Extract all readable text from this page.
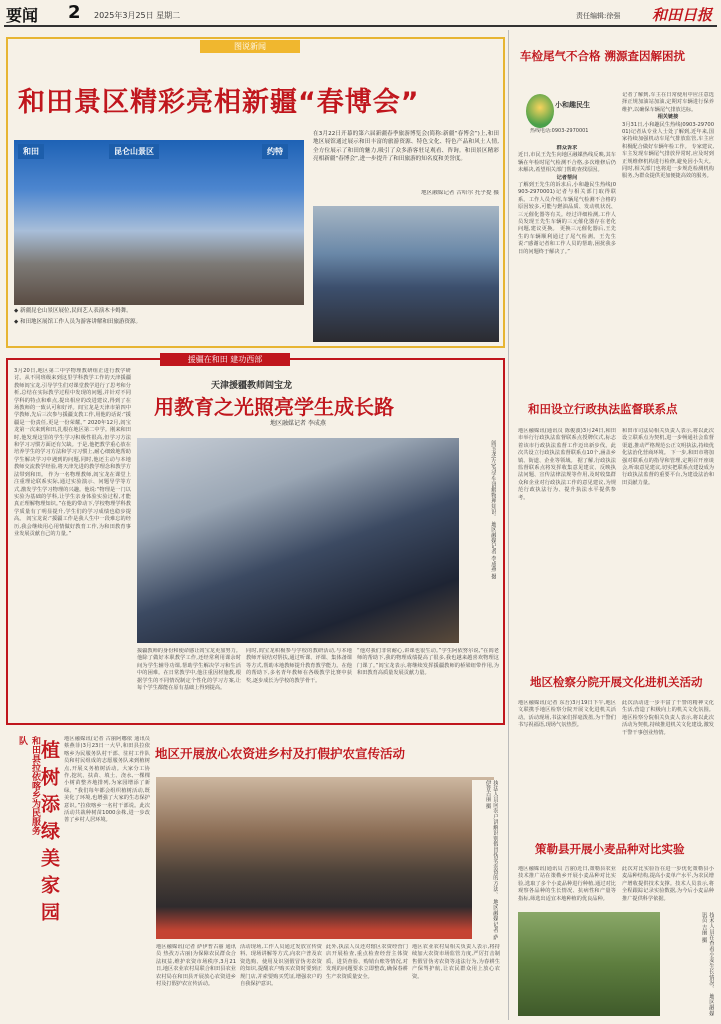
要闻 2 2025年3月25日 星期二	责任编辑:徐强 和田日报
图说新闻
和田景区精彩亮相新疆“春博会”
昆仑山景区	约特
和田
在3月22日开幕的第六届新疆春季旅游博览会(简称:新疆“春博会”)上,和田地区展馆通过展示和田丰富的旅游资源、特色文化、特色产品和风土人情,全方位展示了和田的魅力,吸引了众多游客驻足观看、咨询。和田景区精彩亮相新疆“春博会”,进一步提升了和田旅游的知名度和美誉度。
地区融媒记者 古哈尔 托乎提 摄
◆ 新疆昆仑山景区展位,民间艺人表演木卡姆舞。
◆ 和田地区展馆工作人员为游客讲解和田旅游资源。
援疆在和田 建功西部
天津援疆教师闾宝龙
用教育之光照亮学生成长路
地区融媒记者 李成燕
3月20日,地区第二中学物理教研组正进行教学研讨。从不同班级来到这里学科教学工作的天津援疆教师闾宝龙,引导学生们对课堂教学进行了思考和分析,总结在实际教学过程中发现的问题,并针对不同学科的特点和难点,提出相应的改进建议,得到了在场教师的一致认可和好评。闾宝龙是天津市第四中学教师,先后三次参与援疆支教工作,用他的话说:“援疆是一份责任,更是一份荣耀。” 2020年12月,闾宝龙第一次来到和田,扎根在地区第二中学。刚来和田时,他发现这里的学生学习积极性很高,但学习方法和学习习惯方面还有欠缺。于是,他把教学重心放在培养学生的学习方法和学习习惯上,耐心细致地帮助学生解决学习中遇到的问题,同时,他还主动与本地教师交流教学经验,将天津先进的教学理念和教学方法带到和田。 作为一名物理教师,闾宝龙在课堂上注重理论联系实际,通过实验演示、问题导学等方式,激发学生学习物理的兴趣。他说:“物理是一门以实验为基础的学科,让学生亲身体验实验过程,才能真正理解物理知识。”在他的带动下,学校物理学科教学质量有了明显提升,学生们的学习成绩也稳步提高。 闾宝龙说:“援疆工作是我人生中一段难忘的经历,我会继续用心用情做好教育工作,为和田教育事业发展贡献自己的力量。”	闾宝龙(左)为学生讲解物理知识。 地区融媒记者 李成燕 摄
援疆教师的身份和使命感让闾宝龙更加努力。他除了做好本职教学工作,还经常利用课余时间为学生辅导功课,帮助学生解决学习和生活中的困难。在日常教学中,他注重因材施教,根据学生的不同情况制定个性化的学习方案,让每个学生都能在原有基础上得到提高。
同时,闾宝龙积极参与学校的教研活动,与本地教师开展结对帮扶,通过听课、评课、集体备课等方式,帮助本地教师提升教育教学能力。在他的帮助下,多名青年教师在各级教学比赛中获奖,逐步成长为学校的教学骨干。
“他对我们非常耐心,讲课也很生动。”学生阿依努尔说,“在闾老师的帮助下,我的物理成绩提高了很多,我也越来越喜欢物理这门课了。”闾宝龙表示,将继续发挥援疆教师的桥梁纽带作用,为和田教育高质量发展贡献力量。
和田县拉依喀乡为民服务队 植树添绿美家园
地区融媒讯(记者 古丽阿娜依 通讯员 蔡燕菲)3月23日一大早,和田县拉依喀乡为民服务队村干部、驻村工作队员和村民组成的志愿服务队来到植树点,开展义务植树活动。大家分工协作,挖坑、扶苗、填土、浇水,一棵棵小树苗整齐地排列,为家园增添了新绿。“我们每年都会组织植树活动,既美化了环境,也增强了大家的生态保护意识。”拉依喀乡一名村干部说。此次活动共栽种树苗1000余株,进一步改善了乡村人居环境。
地区开展放心农资进乡村及打假护农宣传活动
执法人员向农户讲解识别假冒伪劣农资的方法。 地区融媒记者 萨伊普古丽 摄
地区融媒讯(记者 萨伊普古丽 通讯员 热孜万古丽)为保障农民群众合法权益,维护农资市场秩序,3月21日,地区农业农村局联合和田县农业农村局在和田县开展放心农资进乡村及打假护农宣传活动。
活动现场,工作人员通过发放宣传资料、现场讲解等方式,向农户普及农资选购、使用及识别假冒伪劣农资的知识,提醒农户购买农资时要到正规门店,并索要购买凭证,增强农户的自我保护意识。
此外,执法人员还对辖区农资经营门店开展检查,重点检查经营主体资质、进货查验、购销台账等情况,对发现的问题要求立即整改,确保春耕生产农资质量安全。
地区农业农村局相关负责人表示,将持续加大农资市场监管力度,严厉打击制售假冒伪劣农资等违法行为,为春耕生产保驾护航,让农民群众用上放心农资。
车检尾气不合格 溯源查因解困扰
小和趣民生
热线电话:0903-2970001
群众诉求
近日,市民王先生向地区融媒热线反映,其车辆在年检时尾气检测不合格,多次维修后仍未解决,希望相关部门帮助查找原因。
记者帮问
了解到王先生的诉求后,小和趣民生热线(0903-2970001)记者与相关部门取得联系。工作人员介绍,车辆尾气检测不合格的原因较多,可能与燃油品质、发动机状况、三元催化器等有关。经过详细检测,工作人员发现王先生车辆的三元催化器存在老化问题,建议更换。 更换三元催化器后,王先生的车辆顺利通过了尾气检测。王先生说:“感谢记者和工作人员的帮助,困扰我多日的问题终于解决了。”
记者了解到,车主在日常使用中应注意选择正规加油站加油,定期对车辆进行保养维护,以确保车辆尾气排放达标。
相关链接
3月31日,小和趣民生热线(0903-2970001)记者从专业人士处了解到,近年来,国家持续加强机动车尾气排放监管,车主应积极配合做好车辆年检工作。 专家建议,车主发现车辆尾气排放异常时,应及时到正规维修机构进行检修,避免因小失大。同时,相关部门也将进一步规范检测机构服务,为群众提供更加便捷高效的服务。
和田设立行政执法监督联系点
地区融媒讯(通讯员 陈俊波)3月24日,和田市举行行政执法监督联系点授牌仪式,标志着该市行政执法监督工作迈出新步伐。此次共设立行政执法监督联系点10个,涵盖乡镇、街道、企业等领域。 据了解,行政执法监督联系点将发挥收集意见建议、反映执法问题、宣传法律法规等作用,及时收集群众和企业对行政执法工作的意见建议,为规范行政执法行为、提升执法水平提供参考。
和田市司法局相关负责人表示,将以此次设立联系点为契机,进一步畅通社会监督渠道,推动严格规范公正文明执法,持续优化法治化营商环境。 下一步,和田市将加强对联系点的指导和管理,定期召开座谈会,听取意见建议,切实把联系点建设成为行政执法监督的重要平台,为建设法治和田贡献力量。
地区检察分院开展文化进机关活动
地区融媒讯(记者 东吾)3月19日下午,地区文联携手地区检察分院开展文化进机关活动。活动现场,书法家们挥毫泼墨,为干警们书写祝福语,现场气氛热烈。
此次活动进一步丰富了干警的精神文化生活,营造了积极向上的机关文化氛围。地区检察分院相关负责人表示,将以此次活动为契机,持续推进机关文化建设,激发干警干事创业热情。
策勒县开展小麦品种对比实验
地区融媒讯(通讯员 吉丽)近日,策勒县农业技术推广站在策勒乡开展小麦品种对比实验,选取了多个小麦品种进行种植,通过对比观察各品种的生长情况、抗病性和产量等指标,筛选出适宜本地种植的优良品种。
此次对比实验旨在进一步优化策勒县小麦品种结构,提高小麦单产水平,为农民增产增收提供技术支撑。技术人员表示,将全程跟踪记录实验数据,为今后小麦品种推广提供科学依据。
技术人员在查看小麦生长情况。 地区融媒讯员 吉丽 摄
